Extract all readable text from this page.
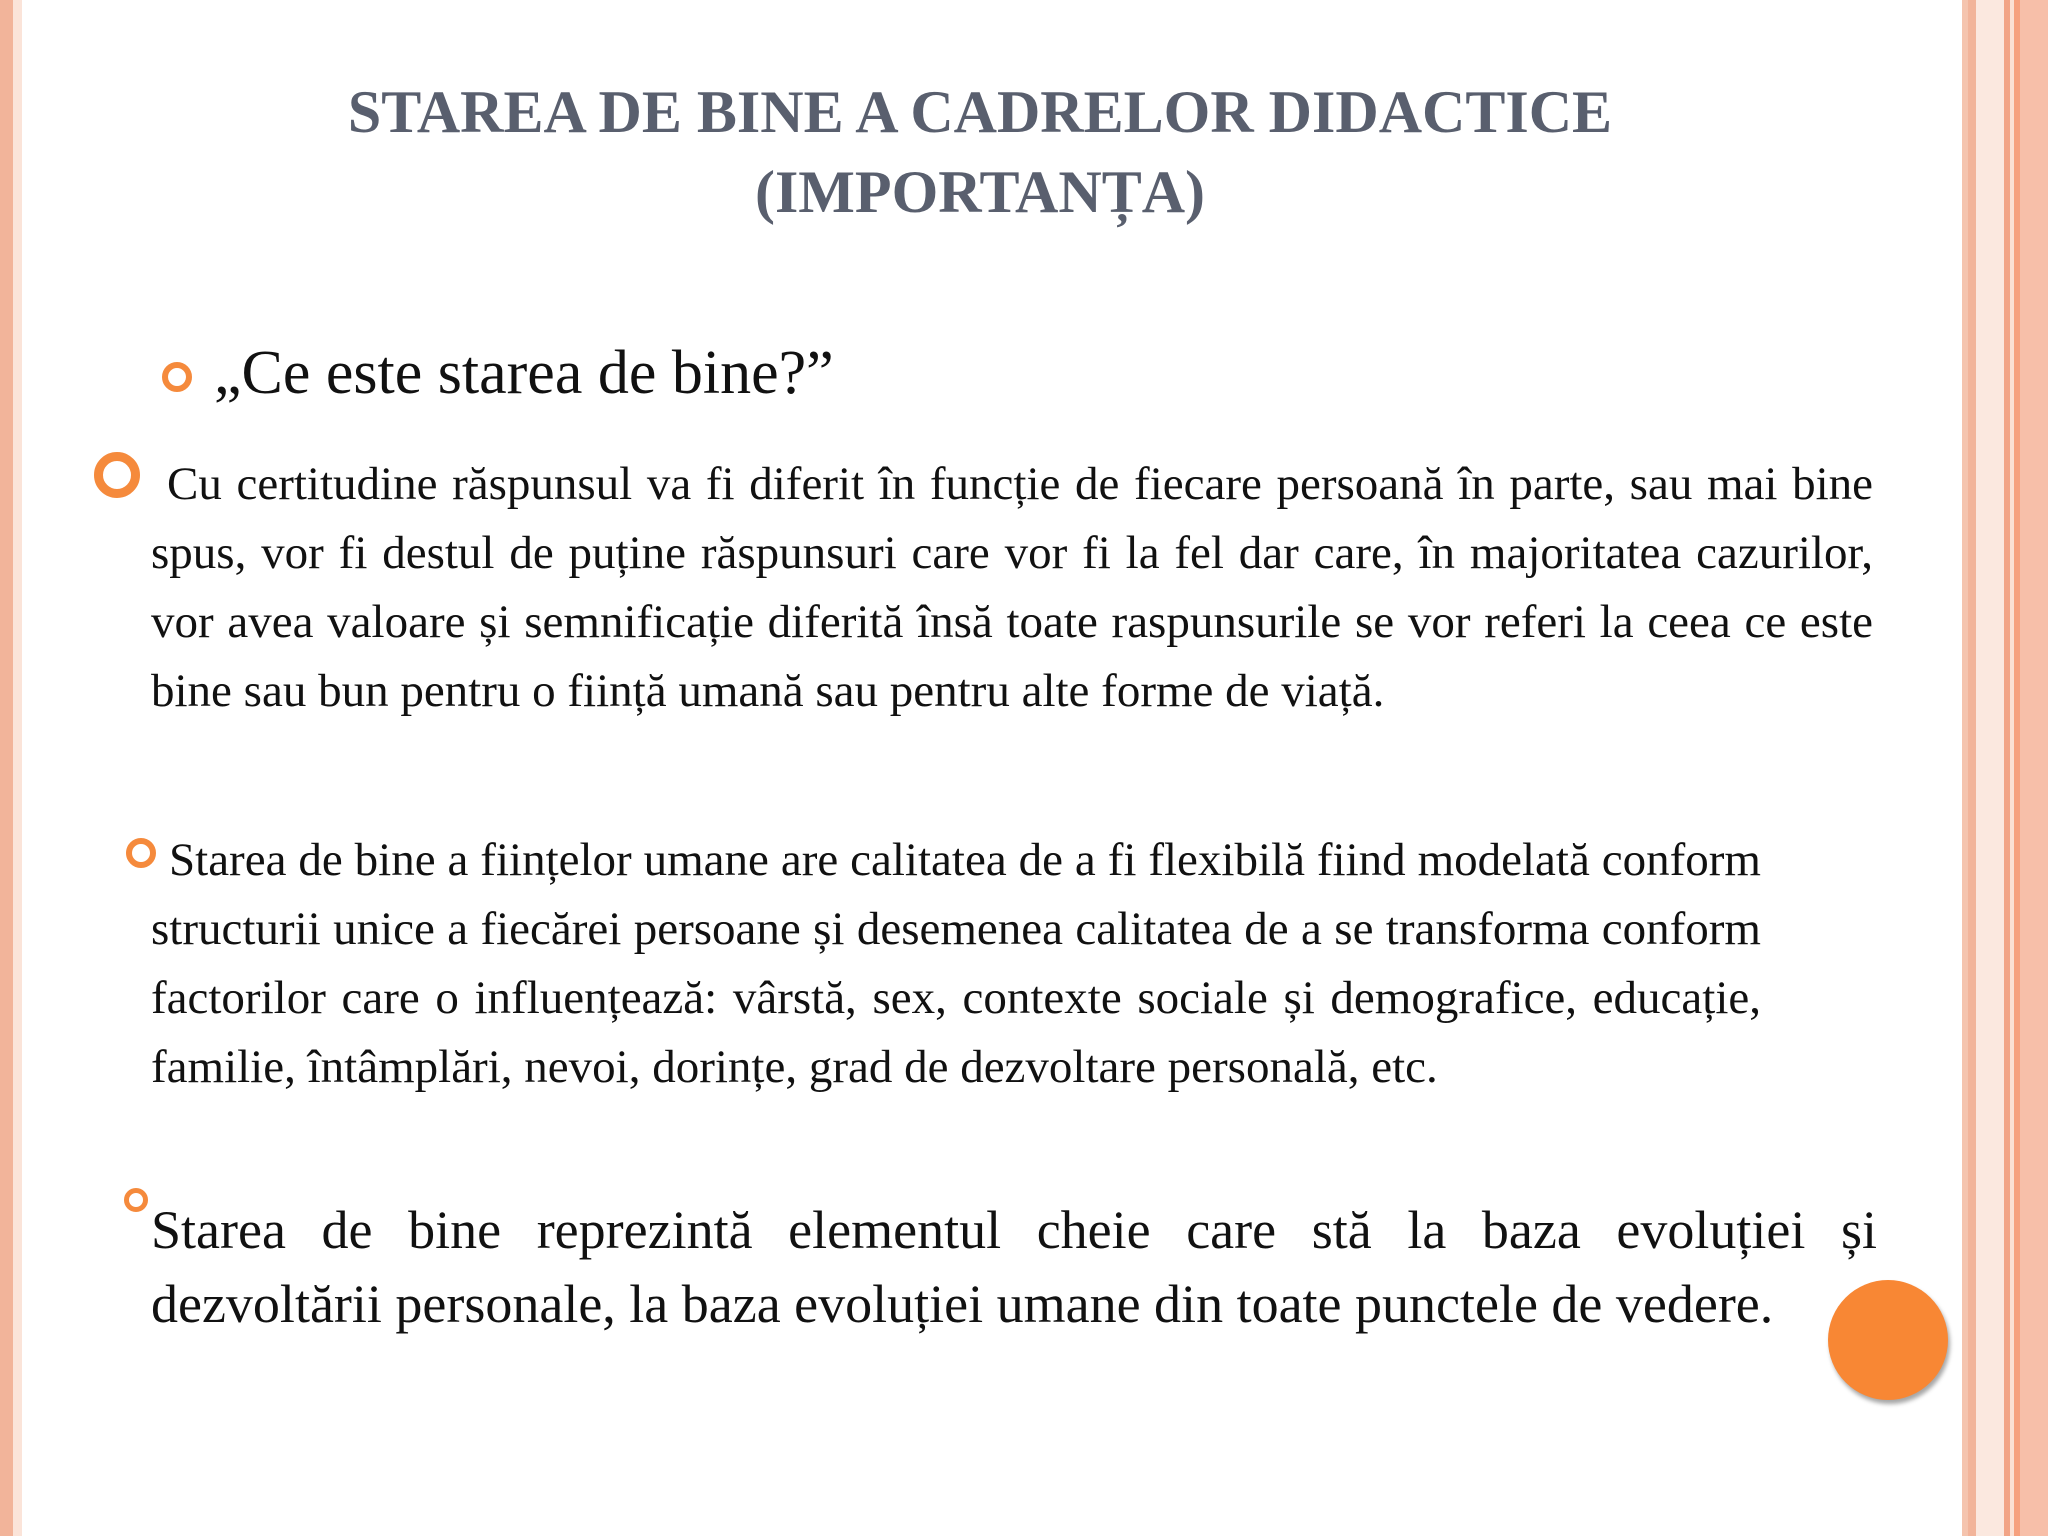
STAREA DE BINE A CADRELOR DIDACTICE
(IMPORTANȚA)

„Ce este starea de bine?”

Cu certitudine răspunsul va fi diferit în funcție de fiecare persoană în parte, sau mai bine spus, vor fi destul de puține răspunsuri care vor fi la fel dar care, în majoritatea cazurilor, vor avea valoare și semnificație diferită însă toate raspunsurile se vor referi la ceea ce este bine sau bun pentru o ființă umană sau pentru alte forme de viață.

Starea de bine a ființelor umane are calitatea de a fi flexibilă fiind modelată conform structurii unice a fiecărei persoane și desemenea calitatea de a se transforma conform factorilor care o influențează: vârstă, sex, contexte sociale și demografice, educație, familie, întâmplări, nevoi, dorințe, grad de dezvoltare personală, etc.

Starea de bine reprezintă elementul cheie care stă la baza evoluției și dezvoltării personale, la baza evoluției umane din toate punctele de vedere.
